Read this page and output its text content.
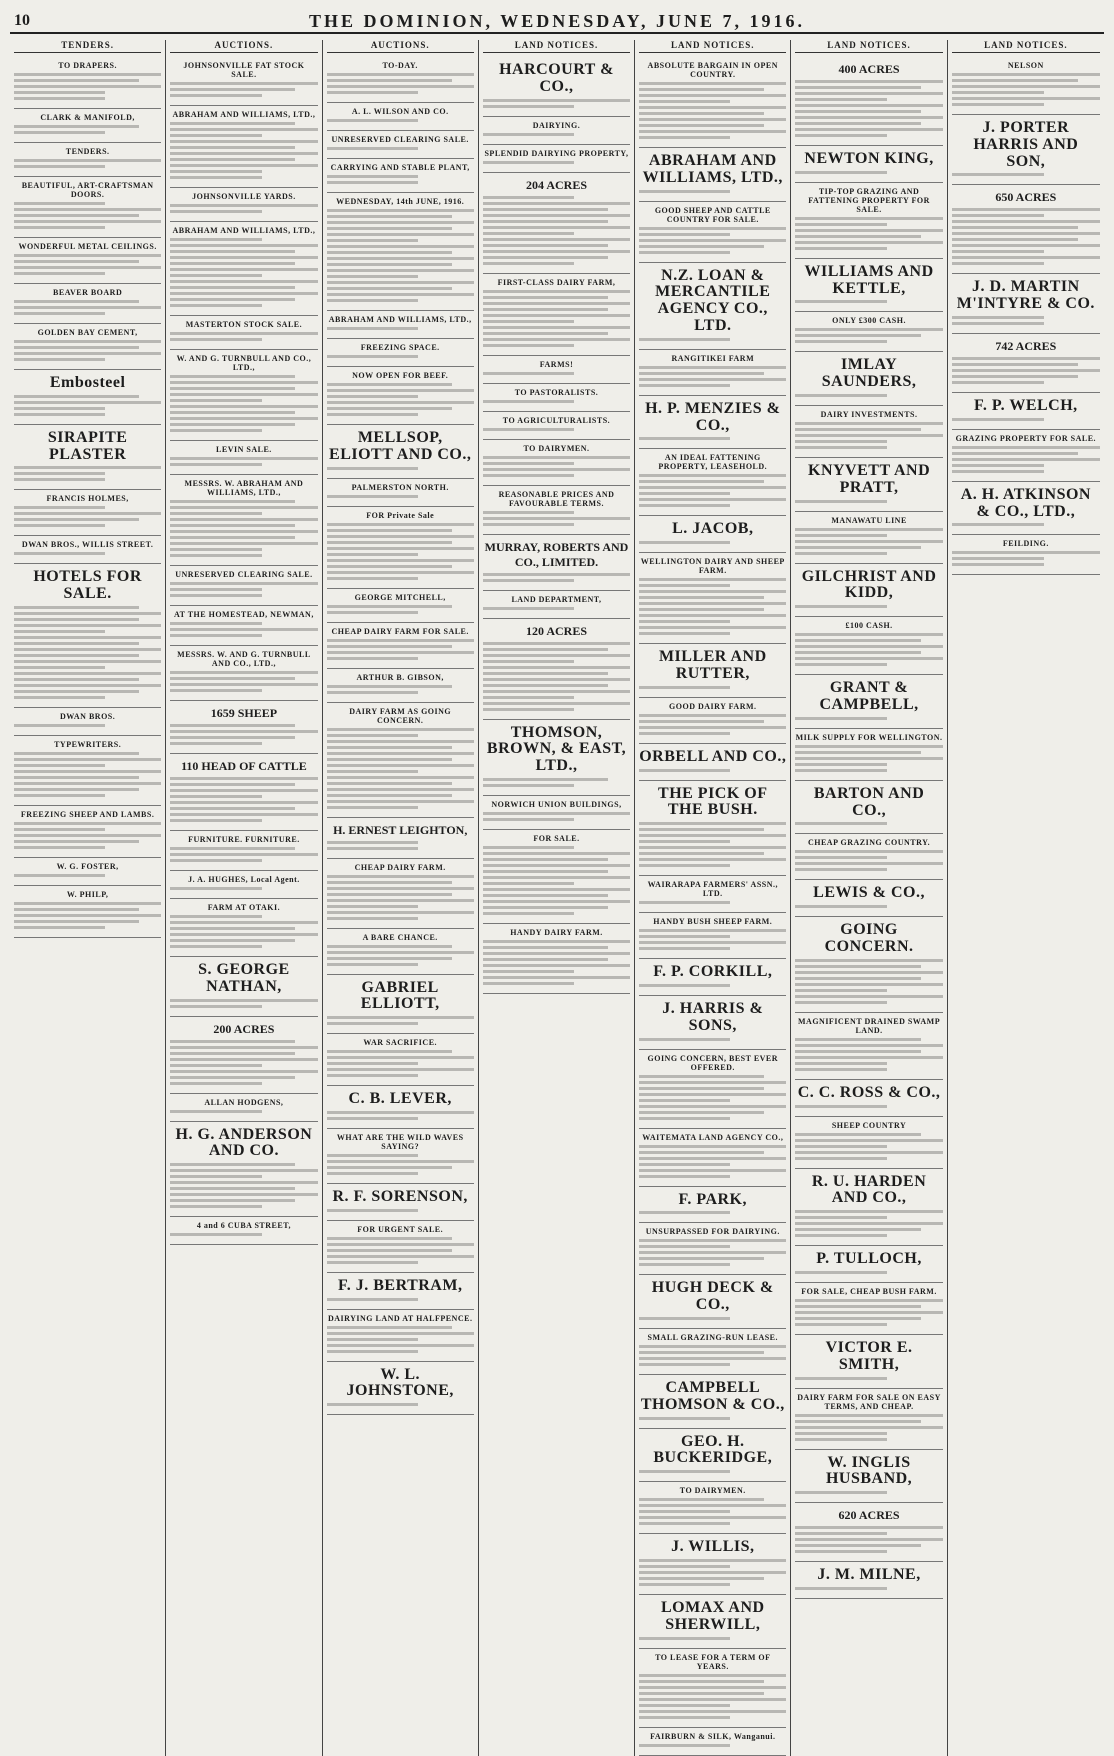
10	THE DOMINION, WEDNESDAY, JUNE 7, 1916.
TENDERS.
TO DRAPERS.
CLARK & MANIFOLD,
TENDERS.
BEAUTIFUL, ART-CRAFTSMAN DOORS.
WONDERFUL METAL CEILINGS.
BEAVER BOARD
GOLDEN BAY CEMENT,
Embosteel
SIRAPITE PLASTER
FRANCIS HOLMES,
DWAN BROS., WILLIS STREET.
HOTELS FOR SALE.
DWAN BROS.
TYPEWRITERS.
FREEZING SHEEP AND LAMBS.
W. G. FOSTER,
W. PHILP,
AUCTIONS.
JOHNSONVILLE FAT STOCK SALE.
ABRAHAM AND WILLIAMS, LTD.,
JOHNSONVILLE YARDS.
ABRAHAM AND WILLIAMS, LTD.,
MASTERTON STOCK SALE.
W. AND G. TURNBULL AND CO., LTD.,
LEVIN SALE.
MESSRS. W. ABRAHAM AND WILLIAMS, LTD.,
UNRESERVED CLEARING SALE.
AT THE HOMESTEAD, NEWMAN,
MESSRS. W. AND G. TURNBULL AND CO., LTD.,
1659 SHEEP
110 HEAD OF CATTLE
FURNITURE. FURNITURE.
J. A. HUGHES, Local Agent.
FARM AT OTAKI.
S. GEORGE NATHAN,
200 ACRES
ALLAN HODGENS,
H. G. ANDERSON AND CO.
4 and 6 CUBA STREET,
AUCTIONS.
TO-DAY.
A. L. WILSON AND CO.
UNRESERVED CLEARING SALE.
CARRYING AND STABLE PLANT,
WEDNESDAY, 14th JUNE, 1916.
ABRAHAM AND WILLIAMS, LTD.,
FREEZING SPACE.
NOW OPEN FOR BEEF.
MELLSOP, ELIOTT AND CO.,
PALMERSTON NORTH.
FOR Private Sale
GEORGE MITCHELL,
CHEAP DAIRY FARM FOR SALE.
ARTHUR B. GIBSON,
DAIRY FARM AS GOING CONCERN.
H. ERNEST LEIGHTON,
CHEAP DAIRY FARM.
A BARE CHANCE.
GABRIEL ELLIOTT,
WAR SACRIFICE.
C. B. LEVER,
WHAT ARE THE WILD WAVES SAYING?
R. F. SORENSON,
FOR URGENT SALE.
F. J. BERTRAM,
DAIRYING LAND AT HALFPENCE.
W. L. JOHNSTONE,
LAND NOTICES.
HARCOURT & CO.,
DAIRYING.
SPLENDID DAIRYING PROPERTY,
204 ACRES
FIRST-CLASS DAIRY FARM,
FARMS!
TO PASTORALISTS.
TO AGRICULTURALISTS.
TO DAIRYMEN.
REASONABLE PRICES AND FAVOURABLE TERMS.
MURRAY, ROBERTS AND CO., LIMITED.
LAND DEPARTMENT,
120 ACRES
THOMSON, BROWN, & EAST, LTD.,
NORWICH UNION BUILDINGS,
FOR SALE.
HANDY DAIRY FARM.
LAND NOTICES.
ABSOLUTE BARGAIN IN OPEN COUNTRY.
ABRAHAM AND WILLIAMS, LTD.,
GOOD SHEEP AND CATTLE COUNTRY FOR SALE.
N.Z. LOAN & MERCANTILE AGENCY CO., LTD.
RANGITIKEI FARM
H. P. MENZIES & CO.,
AN IDEAL FATTENING PROPERTY, LEASEHOLD.
L. JACOB,
WELLINGTON DAIRY AND SHEEP FARM.
MILLER AND RUTTER,
GOOD DAIRY FARM.
ORBELL AND CO.,
THE PICK OF THE BUSH.
WAIRARAPA FARMERS' ASSN., LTD.
HANDY BUSH SHEEP FARM.
F. P. CORKILL,
J. HARRIS & SONS,
GOING CONCERN, BEST EVER OFFERED.
WAITEMATA LAND AGENCY CO.,
F. PARK,
UNSURPASSED FOR DAIRYING.
HUGH DECK & CO.,
SMALL GRAZING-RUN LEASE.
CAMPBELL THOMSON & CO.,
GEO. H. BUCKERIDGE,
TO DAIRYMEN.
J. WILLIS,
LOMAX AND SHERWILL,
TO LEASE FOR A TERM OF YEARS.
FAIRBURN & SILK, Wanganui.
LAND NOTICES.
400 ACRES
NEWTON KING,
TIP-TOP GRAZING AND FATTENING PROPERTY FOR SALE.
WILLIAMS AND KETTLE,
ONLY £300 CASH.
IMLAY SAUNDERS,
DAIRY INVESTMENTS.
KNYVETT AND PRATT,
MANAWATU LINE
GILCHRIST AND KIDD,
£100 CASH.
GRANT & CAMPBELL,
MILK SUPPLY FOR WELLINGTON.
BARTON AND CO.,
CHEAP GRAZING COUNTRY.
LEWIS & CO.,
GOING CONCERN.
MAGNIFICENT DRAINED SWAMP LAND.
C. C. ROSS & CO.,
SHEEP COUNTRY
R. U. HARDEN AND CO.,
P. TULLOCH,
FOR SALE, CHEAP BUSH FARM.
VICTOR E. SMITH,
DAIRY FARM FOR SALE ON EASY TERMS, AND CHEAP.
W. INGLIS HUSBAND,
620 ACRES
J. M. MILNE,
LAND NOTICES.
NELSON
J. PORTER HARRIS AND SON,
650 ACRES
J. D. MARTIN M'INTYRE & CO.
742 ACRES
F. P. WELCH,
GRAZING PROPERTY FOR SALE.
A. H. ATKINSON & CO., LTD.,
FEILDING.
